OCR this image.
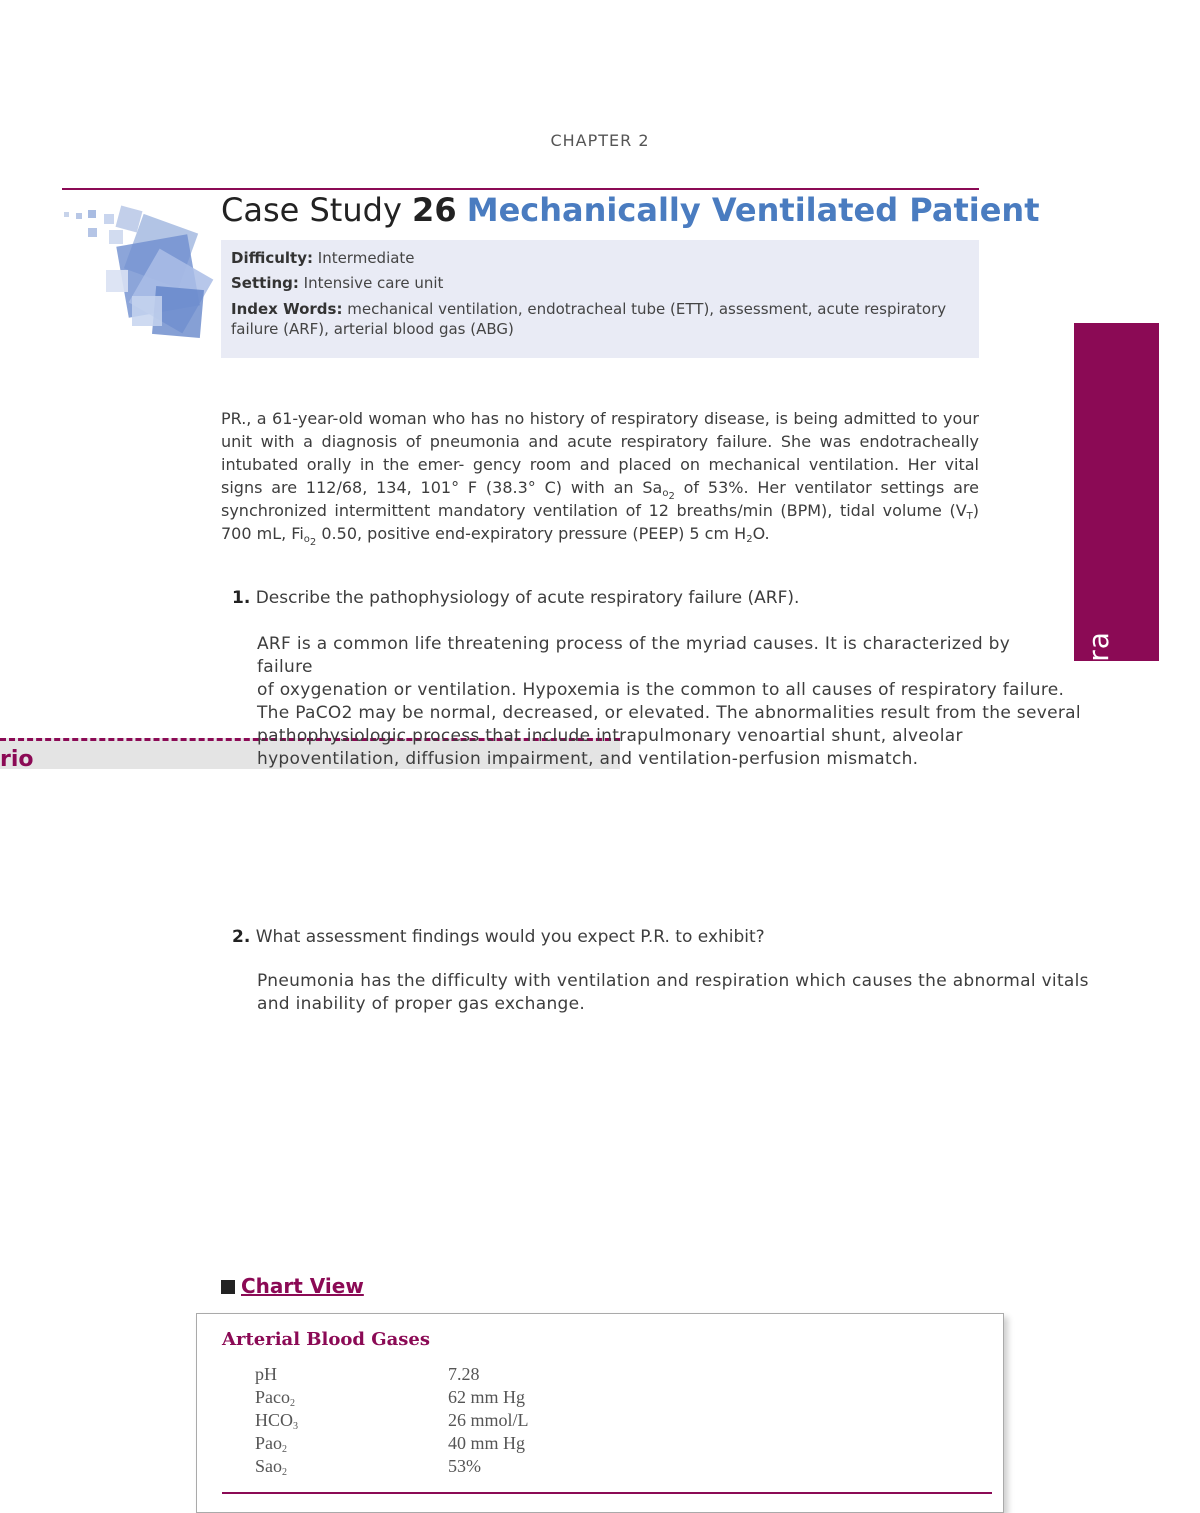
CHAPTER 2
Case Study 26 Mechanically Ventilated Patient
Difficulty: Intermediate
Setting: Intensive care unit
Index Words: mechanical ventilation, endotracheal tube (ETT), assessment, acute respiratory failure (ARF), arterial blood gas (ABG)
2 Respira
rio
PR., a 61-year-old woman who has no history of respiratory disease, is being admitted to your unit with a diagnosis of pneumonia and acute respiratory failure. She was endotracheally intubated orally in the emer- gency room and placed on mechanical ventilation. Her vital signs are 112/68, 134, 101° F (38.3° C) with an $Sa_{o_2}$ of 53%. Her ventilator settings are synchronized intermittent mandatory ventilation of 12 breaths/min (BPM), tidal volume $(V_T)$ 700 mL, $Fi_{o_2}$ 0.50, positive end-expiratory pressure (PEEP) 5 cm $H_2O$.
1. Describe the pathophysiology of acute respiratory failure (ARF).
ARF is a common life threatening process of the myriad causes. It is characterized by
failure
of oxygenation or ventilation. Hypoxemia is the common to all causes of respiratory failure.
The PaCO2 may be normal, decreased, or elevated. The abnormalities result from the several
pathophysiologic process that include intrapulmonary venoartial shunt, alveolar
hypoventilation, diffusion impairment, and ventilation-perfusion mismatch.
2. What assessment findings would you expect P.R. to exhibit?
Pneumonia has the difficulty with ventilation and respiration which causes the abnormal vitals
and inability of proper gas exchange.
Chart View
Arterial Blood Gases
pH	7.28
Paco$_2$	62 mm Hg
$HCO_3$	26 mmol/L
Pao$_2$	40 mm Hg
Sao$_2$	53%
